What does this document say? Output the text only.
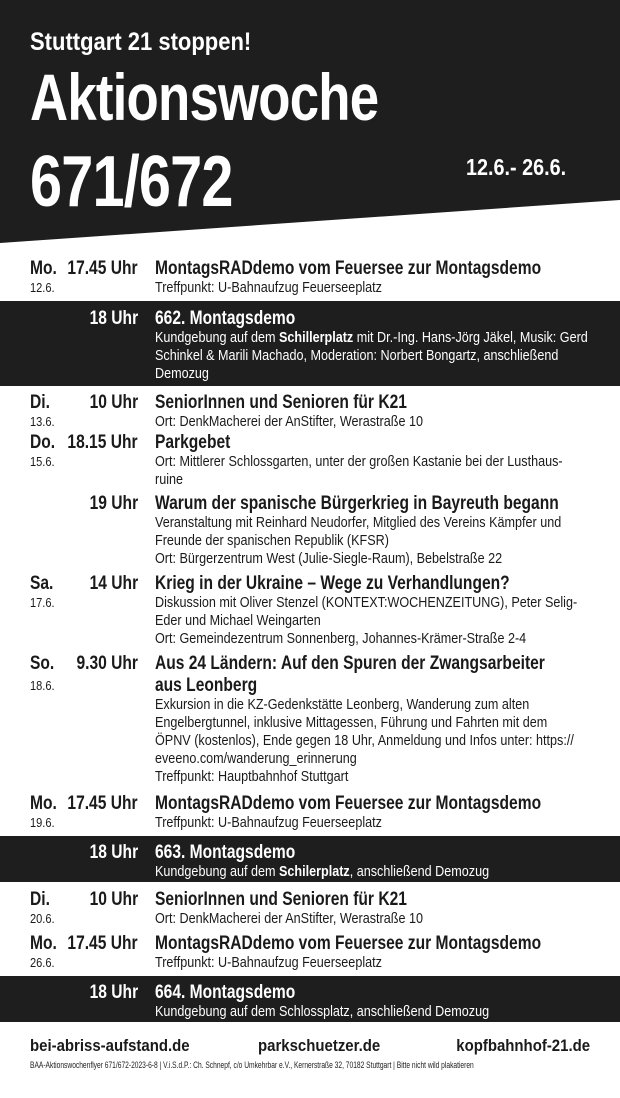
Stuttgart 21 stoppen!
Aktionswoche
671/672	12.6.- 26.6.
Mo. 17.45 Uhr
12.6.
MontagsRADdemo vom Feuersee zur Montagsdemo
Treffpunkt: U-Bahnaufzug Feuerseeplatz
18 Uhr 662. Montagsdemo
Kundgebung auf dem Schillerplatz mit Dr.-Ing. Hans-Jörg Jäkel, Musik: Gerd Schinkel & Marili Machado, Moderation: Norbert Bongartz, anschließend Demozug
Di. 10 Uhr
13.6.
SeniorInnen und Senioren für K21
Ort: DenkMacherei der AnStifter, Werastraße 10
Do. 18.15 Uhr
15.6.
Parkgebet
Ort: Mittlerer Schlossgarten, unter der großen Kastanie bei der Lusthaus-
ruine
19 Uhr Warum der spanische Bürgerkrieg in Bayreuth begann
Veranstaltung mit Reinhard Neudorfer, Mitglied des Vereins Kämpfer und
Freunde der spanischen Republik (KFSR)
Ort: Bürgerzentrum West (Julie-Siegle-Raum), Bebelstraße 22
Sa. 14 Uhr
17.6.
Krieg in der Ukraine – Wege zu Verhandlungen?
Diskussion mit Oliver Stenzel (KONTEXT:WOCHENZEITUNG), Peter Selig-
Eder und Michael Weingarten
Ort: Gemeindezentrum Sonnenberg, Johannes-Krämer-Straße 2-4
So. 9.30 Uhr
18.6.
Aus 24 Ländern: Auf den Spuren der Zwangsarbeiter
aus Leonberg
Exkursion in die KZ-Gedenkstätte Leonberg, Wanderung zum alten
Engelbergtunnel, inklusive Mittagessen, Führung und Fahrten mit dem
ÖPNV (kostenlos), Ende gegen 18 Uhr, Anmeldung und Infos unter: https://
eveeno.com/wanderung_erinnerung
Treffpunkt: Hauptbahnhof Stuttgart
Mo. 17.45 Uhr
19.6.
MontagsRADdemo vom Feuersee zur Montagsdemo
Treffpunkt: U-Bahnaufzug Feuerseeplatz
18 Uhr 663. Montagsdemo
Kundgebung auf dem Schilerplatz, anschließend Demozug
Di. 10 Uhr
20.6.
SeniorInnen und Senioren für K21
Ort: DenkMacherei der AnStifter, Werastraße 10
Mo. 17.45 Uhr
26.6.
MontagsRADdemo vom Feuersee zur Montagsdemo
Treffpunkt: U-Bahnaufzug Feuerseeplatz
18 Uhr 664. Montagsdemo
Kundgebung auf dem Schlossplatz, anschließend Demozug
bei-abriss-aufstand.de	parkschuetzer.de	kopfbahnhof-21.de
BAA-Aktionswochenflyer 671/672-2023-6-8 | V.i.S.d.P.: Ch. Schnepf, c/o Umkehrbar e.V., Kernerstraße 32, 70182 Stuttgart | Bitte nicht wild plakatieren
